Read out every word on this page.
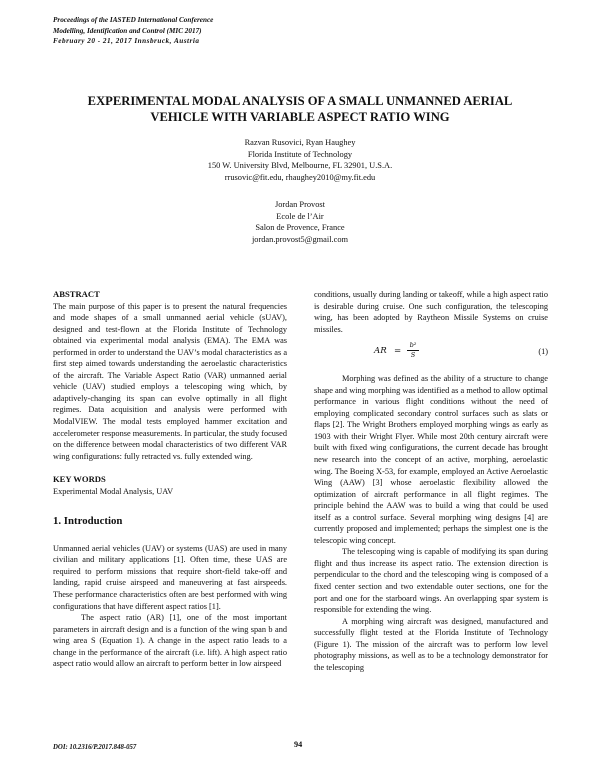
Proceedings of the IASTED International Conference
Modelling, Identification and Control (MIC 2017)
February 20 - 21, 2017 Innsbruck, Austria
EXPERIMENTAL MODAL ANALYSIS OF A SMALL UNMANNED AERIAL
VEHICLE WITH VARIABLE ASPECT RATIO WING
Razvan Rusovici, Ryan Haughey
Florida Institute of Technology
150 W. University Blvd, Melbourne, FL 32901, U.S.A.
rrusovic@fit.edu, rhaughey2010@my.fit.edu
Jordan Provost
Ecole de l’Air
Salon de Provence, France
jordan.provost5@gmail.com
ABSTRACT

The main purpose of this paper is to present the natural frequencies and mode shapes of a small unmanned aerial vehicle (sUAV), designed and test-flown at the Florida Institute of Technology obtained via experimental modal analysis (EMA). The EMA was performed in order to understand the UAV’s modal characteristics as a first step aimed towards understanding the aeroelastic characteristics of the aircraft. The Variable Aspect Ratio (VAR) unmanned aerial vehicle (UAV) studied employs a telescoping wing which, by adaptively-changing its span can evolve optimally in all flight regimes. Data acquisition and analysis were performed with ModalVIEW. The modal tests employed hammer excitation and accelerometer response measurements. In particular, the study focused on the difference between modal characteristics of two different VAR wing configurations: fully retracted vs. fully extended wing.

KEY WORDS

Experimental Modal Analysis, UAV

1. Introduction

Unmanned aerial vehicles (UAV) or systems (UAS) are used in many civilian and military applications [1]. Often time, these UAS are required to perform missions that require short-field take-off and landing, rapid cruise airspeed and maneuvering at fast airspeeds. These performance characteristics often are best performed with wing configurations that have different aspect ratios [1].

The aspect ratio (AR) [1], one of the most important parameters in aircraft design and is a function of the wing span b and wing area S (Equation 1). A change in the aspect ratio leads to a change in the performance of the aircraft (i.e. lift). A high aspect ratio aspect ratio would allow an aircraft to perform better in low airspeed

conditions, usually during landing or takeoff, while a high aspect ratio is desirable during cruise. One such configuration, the telescoping wing, has been adopted by Raytheon Missile Systems on cruise missiles.

AR =
b²
S	(1)

Morphing was defined as the ability of a structure to change shape and wing morphing was identified as a method to allow optimal performance in various flight conditions without the need of employing complicated secondary control surfaces such as slats or flaps [2]. The Wright Brothers employed morphing wings as early as 1903 with their Wright Flyer. While most 20th century aircraft were built with fixed wing configurations, the current decade has brought new research into the concept of an active, morphing, aeroelastic wing. The Boeing X-53, for example, employed an Active Aeroelastic Wing (AAW) [3] whose aeroelastic flexibility allowed the optimization of aircraft performance in all flight regimes. The principle behind the AAW was to build a wing that could be used itself as a control surface. Several morphing wing designs [4] are currently proposed and implemented; perhaps the simplest one is the telescopic wing concept.

The telescoping wing is capable of modifying its span during flight and thus increase its aspect ratio. The extension direction is perpendicular to the chord and the telescoping wing is composed of a fixed center section and two extendable outer sections, one for the port and one for the starboard wings. An overlapping spar system is responsible for extending the wing.

A morphing wing aircraft was designed, manufactured and successfully flight tested at the Florida Institute of Technology (Figure 1). The mission of the aircraft was to perform low level photography missions, as well as to be a technology demonstrator for the telescoping

DOI: 10.2316/P.2017.848-057	94
